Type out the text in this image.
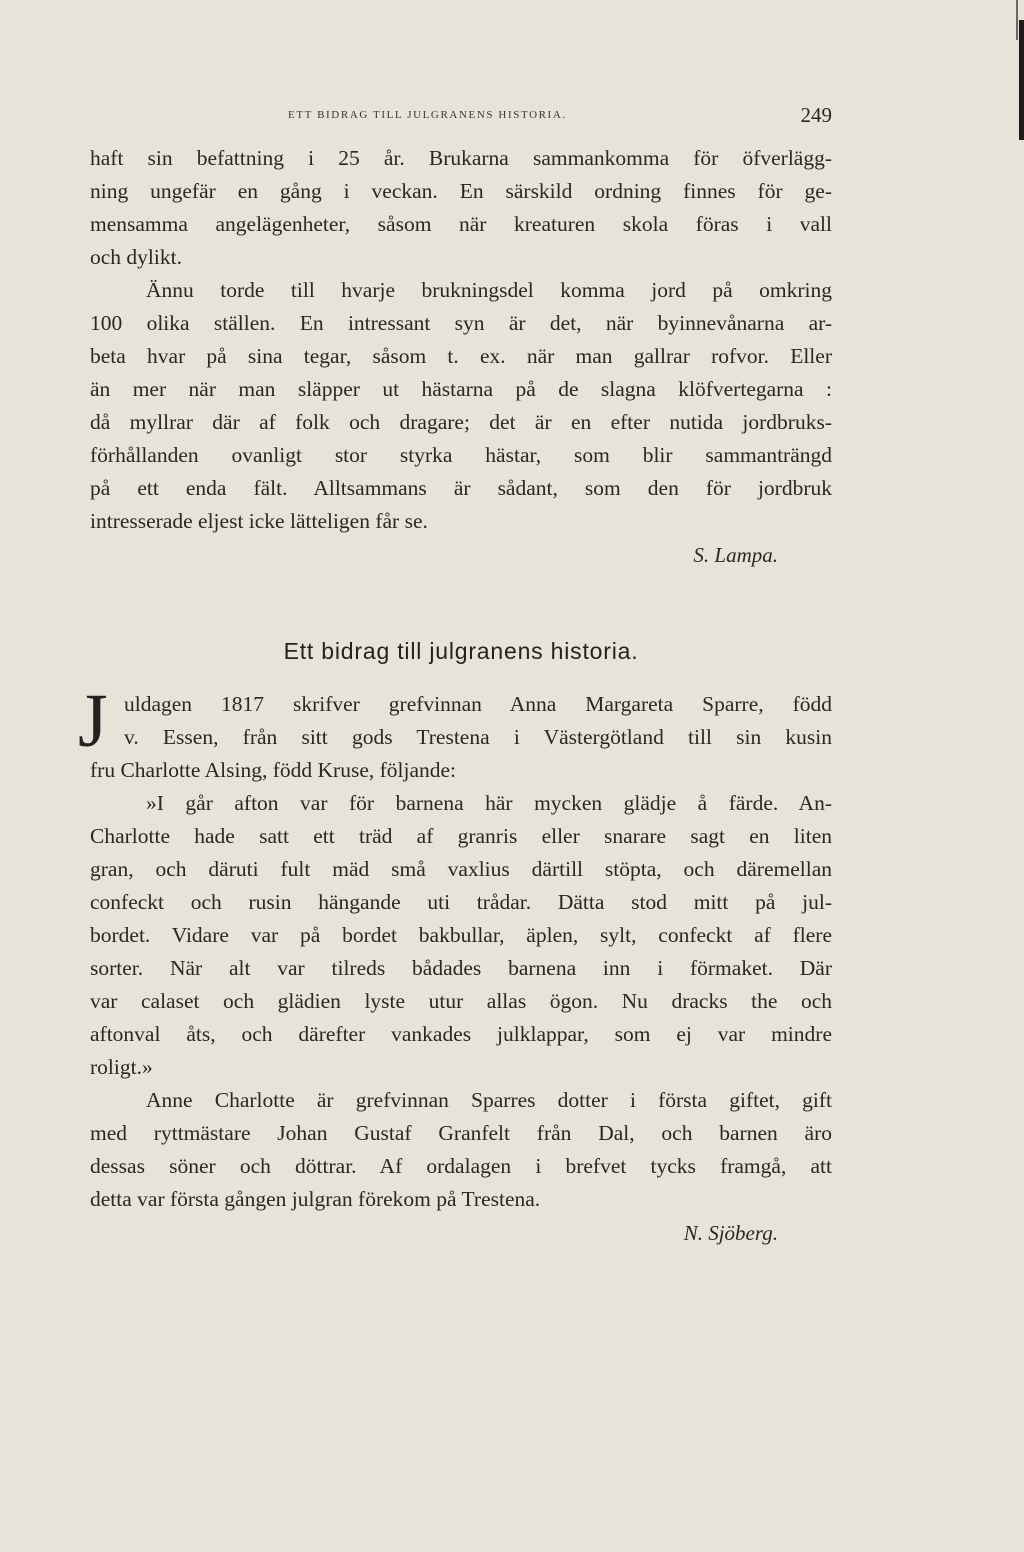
ETT BIDRAG TILL JULGRANENS HISTORIA.	249
haft sin befattning i 25 år. Brukarna sammankomma för öfverlägg-
ning ungefär en gång i veckan. En särskild ordning finnes för ge-
mensamma angelägenheter, såsom när kreaturen skola föras i vall
och dylikt.
Ännu torde till hvarje brukningsdel komma jord på omkring
100 olika ställen. En intressant syn är det, när byinnevånarna ar-
beta hvar på sina tegar, såsom t. ex. när man gallrar rofvor. Eller
än mer när man släpper ut hästarna på de slagna klöfvertegarna :
då myllrar där af folk och dragare; det är en efter nutida jordbruks-
förhållanden ovanligt stor styrka hästar, som blir sammanträngd
på ett enda fält. Alltsammans är sådant, som den för jordbruk
intresserade eljest icke lätteligen får se.
S. Lampa.
Ett bidrag till julgranens historia.
J uldagen 1817 skrifver grefvinnan Anna Margareta Sparre, född
v. Essen, från sitt gods Trestena i Västergötland till sin kusin
fru Charlotte Alsing, född Kruse, följande:
»I går afton var för barnena här mycken glädje å färde. An-
Charlotte hade satt ett träd af granris eller snarare sagt en liten
gran, och däruti fult mäd små vaxlius därtill stöpta, och däremellan
confeckt och rusin hängande uti trådar. Dätta stod mitt på jul-
bordet. Vidare var på bordet bakbullar, äplen, sylt, confeckt af flere
sorter. När alt var tilreds bådades barnena inn i förmaket. Där
var calaset och glädien lyste utur allas ögon. Nu dracks the och
aftonval åts, och därefter vankades julklappar, som ej var mindre
roligt.»
Anne Charlotte är grefvinnan Sparres dotter i första giftet, gift
med ryttmästare Johan Gustaf Granfelt från Dal, och barnen äro
dessas söner och döttrar. Af ordalagen i brefvet tycks framgå, att
detta var första gången julgran förekom på Trestena.
N. Sjöberg.
